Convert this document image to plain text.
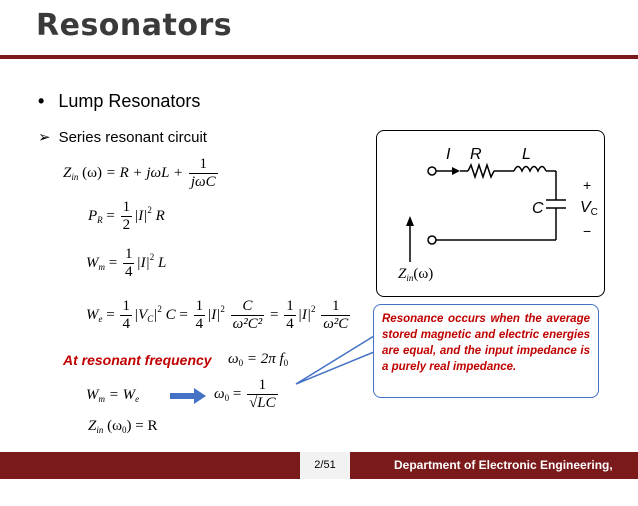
Resonators
• Lump Resonators
➢ Series resonant circuit
$Z_{in}$ $(\omega) = R + j\omega L + \frac{1}{\text{jωC}}$
$P_R = \frac{1}{2} |I|^2$ R
$W_m = \frac{1}{4} |I|^2$ L
$W_e = \frac{1}{4} |V_C|^2$ $C = \frac{1}{4} |I|^2 \frac{C}{\text{ω²C²}} = \frac{1}{4} |I|^2 \frac{1}{\text{ω²C}}$
At resonant frequency $\omega_0 = 2\pi$ $f_0$
$W_m = W_e$	$\omega_0 = \frac{1}{√LC}$
$Z_{in}$ $(\omega_0) = R$
I R	L
C
+
VC
−
$Z_{in}(\omega)$

Resonance occurs when the average stored magnetic and electric energies are equal, and the input impedance is a purely real impedance.

2/51	Department of Electronic Engineering, NTUT
